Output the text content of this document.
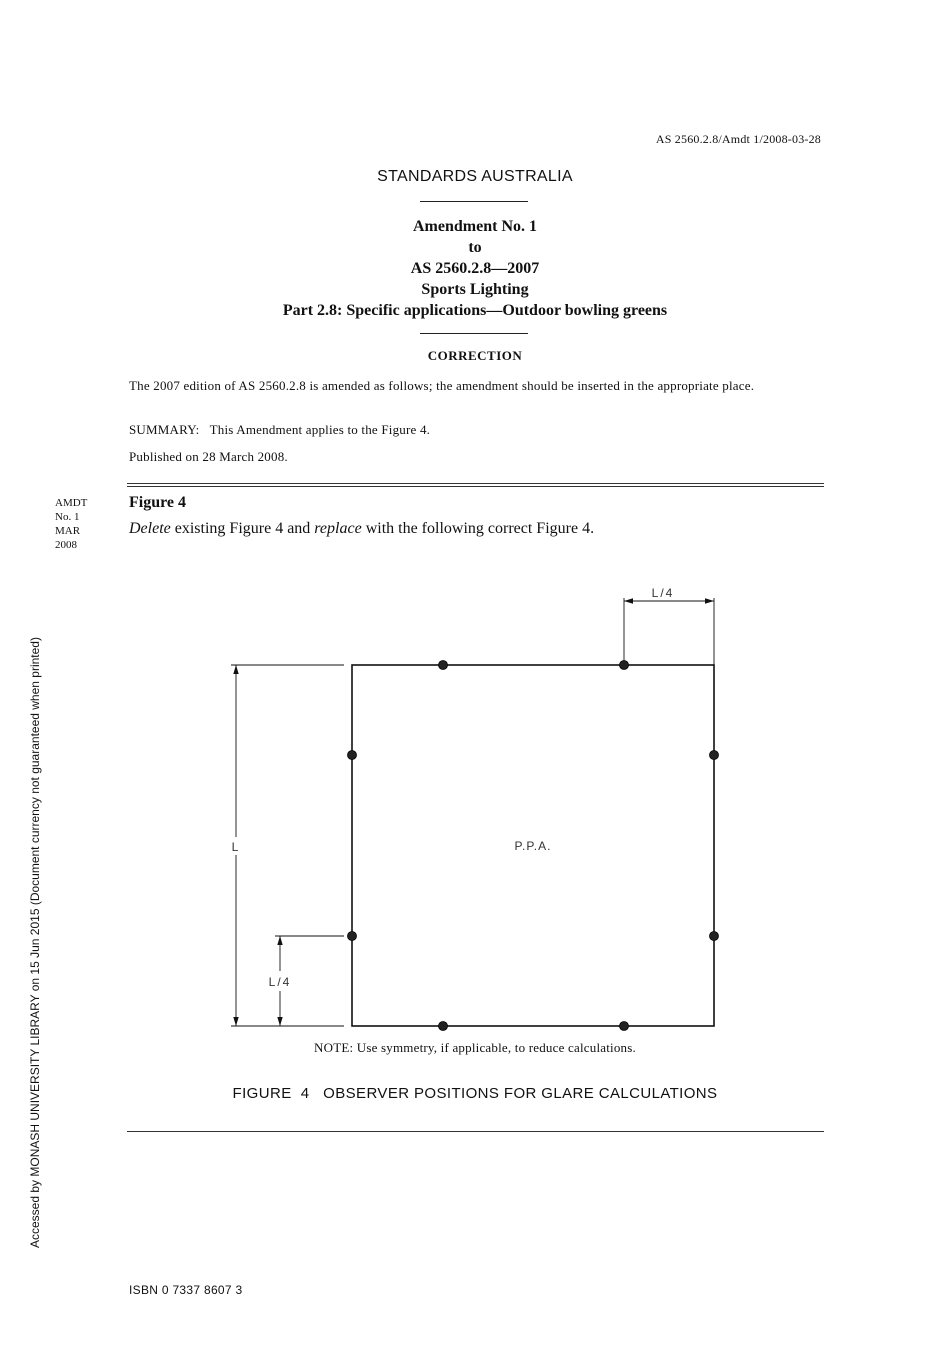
AS 2560.2.8/Amdt 1/2008-03-28
STANDARDS AUSTRALIA
Amendment No. 1
to
AS 2560.2.8—2007
Sports Lighting
Part 2.8: Specific applications—Outdoor bowling greens
CORRECTION
The 2007 edition of AS 2560.2.8 is amended as follows; the amendment should be inserted in the appropriate place.
SUMMARY: This Amendment applies to the Figure 4.
Published on 28 March 2008.
AMDT
No. 1
MAR
2008
Figure 4
Delete existing Figure 4 and replace with the following correct Figure 4.
Accessed by MONASH UNIVERSITY LIBRARY on 15 Jun 2015 (Document currency not guaranteed when printed)
L/4
L
L/4
P.P.A.
NOTE: Use symmetry, if applicable, to reduce calculations.
FIGURE  4   OBSERVER POSITIONS FOR GLARE CALCULATIONS
ISBN 0 7337 8607 3
